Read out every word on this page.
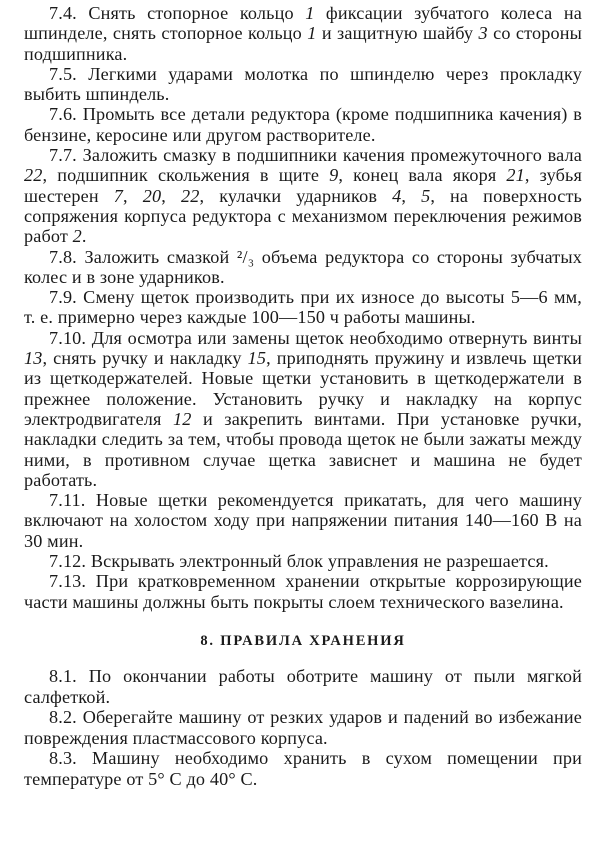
7.4. Снять стопорное кольцо 1 фиксации зубчатого колеса на шпинделе, снять стопорное кольцо 1 и защитную шайбу 3 со стороны подшипника.

7.5. Легкими ударами молотка по шпинделю через прокладку выбить шпиндель.

7.6. Промыть все детали редуктора (кроме подшипника качения) в бензине, керосине или другом растворителе.

7.7. Заложить смазку в подшипники качения промежуточного вала 22, подшипник скольжения в щите 9, конец вала якоря 21, зубья шестерен 7, 20, 22, кулачки ударников 4, 5, на поверхность сопряжения корпуса редуктора с механизмом переключения режимов работ 2.

7.8. Заложить смазкой ²/₃ объема редуктора со стороны зубчатых колес и в зоне ударников.

7.9. Смену щеток производить при их износе до высоты 5—6 мм, т. е. примерно через каждые 100—150 ч работы машины.

7.10. Для осмотра или замены щеток необходимо отвернуть винты 13, снять ручку и накладку 15, приподнять пружину и извлечь щетки из щеткодержателей. Новые щетки установить в щеткодержатели в прежнее положение. Установить ручку и накладку на корпус электродвигателя 12 и закрепить винтами. При установке ручки, накладки следить за тем, чтобы провода щеток не были зажаты между ними, в противном случае щетка зависнет и машина не будет работать.

7.11. Новые щетки рекомендуется прикатать, для чего машину включают на холостом ходу при напряжении питания 140—160 В на 30 мин.

7.12. Вскрывать электронный блок управления не разрешается.

7.13. При кратковременном хранении открытые коррозирующие части машины должны быть покрыты слоем технического вазелина.

8. ПРАВИЛА ХРАНЕНИЯ

8.1. По окончании работы оботрите машину от пыли мягкой салфеткой.

8.2. Оберегайте машину от резких ударов и падений во избежание повреждения пластмассового корпуса.

8.3. Машину необходимо хранить в сухом помещении при температуре от 5° С до 40° С.
